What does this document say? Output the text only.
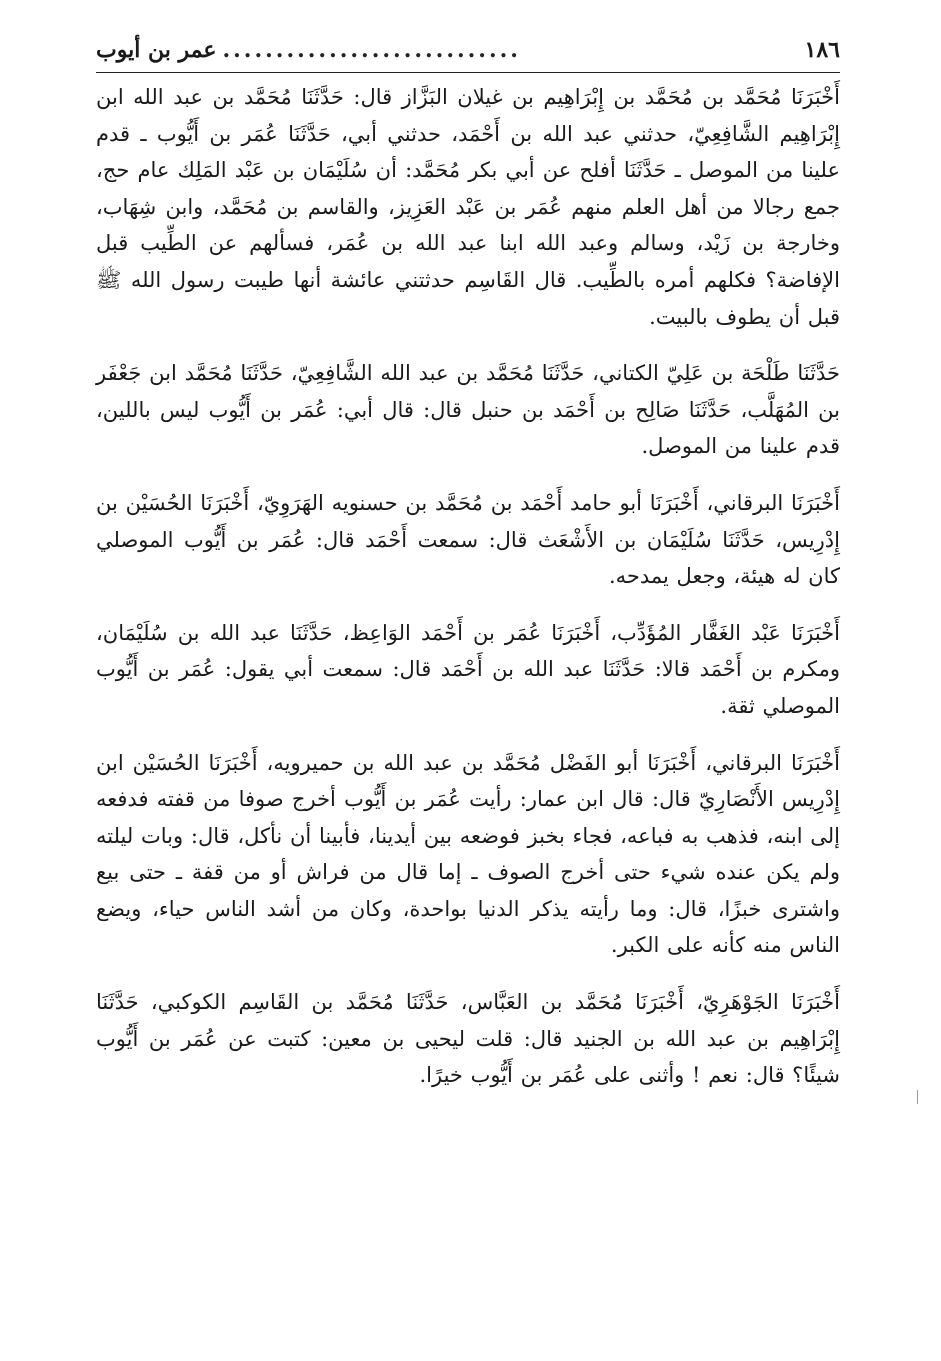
١٨٦
............................
عمر بن أيوب

أَخْبَرَنَا مُحَمَّد بن مُحَمَّد بن إِبْرَاهِيم بن غيلان البَزَّاز قال: حَدَّثَنَا مُحَمَّد بن عبد الله ابن إِبْرَاهِيم الشَّافِعِيّ، حدثني عبد الله بن أَحْمَد، حدثني أبي، حَدَّثَنَا عُمَر بن أَيُّوب ـ قدم علينا من الموصل ـ حَدَّثَنَا أفلح عن أبي بكر مُحَمَّد: أن سُلَيْمَان بن عَبْد المَلِك عام حج، جمع رجالا من أهل العلم منهم عُمَر بن عَبْد العَزِيز، والقاسم بن مُحَمَّد، وابن شِهَاب، وخارجة بن زَيْد، وسالم وعبد الله ابنا عبد الله بن عُمَر، فسألهم عن الطِّيب قبل الإفاضة؟ فكلهم أمره بالطِّيب. قال القَاسِم حدثتني عائشة أنها طيبت رسول الله ﷺ قبل أن يطوف بالبيت.

حَدَّثَنَا طَلْحَة بن عَلِيّ الكتاني، حَدَّثَنَا مُحَمَّد بن عبد الله الشَّافِعِيّ، حَدَّثَنَا مُحَمَّد ابن جَعْفَر بن المُهَلَّب، حَدَّثَنَا صَالِح بن أَحْمَد بن حنبل قال: قال أبي: عُمَر بن أَيُّوب ليس باللين، قدم علينا من الموصل.

أَخْبَرَنَا البرقاني، أَخْبَرَنَا أبو حامد أَحْمَد بن مُحَمَّد بن حسنويه الهَرَوِيّ، أَخْبَرَنَا الحُسَيْن بن إِدْرِيس، حَدَّثَنَا سُلَيْمَان بن الأَشْعَث قال: سمعت أَحْمَد قال: عُمَر بن أَيُّوب الموصلي كان له هيئة، وجعل يمدحه.

أَخْبَرَنَا عَبْد الغَفَّار المُؤَدِّب، أَخْبَرَنَا عُمَر بن أَحْمَد الوَاعِظ، حَدَّثَنَا عبد الله بن سُلَيْمَان، ومكرم بن أَحْمَد قالا: حَدَّثَنَا عبد الله بن أَحْمَد قال: سمعت أبي يقول: عُمَر بن أَيُّوب الموصلي ثقة.

أَخْبَرَنَا البرقاني، أَخْبَرَنَا أبو الفَضْل مُحَمَّد بن عبد الله بن حميرويه، أَخْبَرَنَا الحُسَيْن ابن إِدْرِيس الأَنْصَارِيّ قال: قال ابن عمار: رأيت عُمَر بن أَيُّوب أخرج صوفا من قفته فدفعه إلى ابنه، فذهب به فباعه، فجاء بخبز فوضعه بين أيدينا، فأبينا أن نأكل، قال: وبات ليلته ولم يكن عنده شيء حتى أخرج الصوف ـ إما قال من فراش أو من قفة ـ حتى بيع واشترى خبزًا، قال: وما رأيته يذكر الدنيا بواحدة، وكان من أشد الناس حياء، ويضع الناس منه كأنه على الكبر.

أَخْبَرَنَا الجَوْهَرِيّ، أَخْبَرَنَا مُحَمَّد بن العَبَّاس، حَدَّثَنَا مُحَمَّد بن القَاسِم الكوكبي، حَدَّثَنَا إِبْرَاهِيم بن عبد الله بن الجنيد قال: قلت ليحيى بن معين: كتبت عن عُمَر بن أَيُّوب شيئًا؟ قال: نعم ! وأثنى على عُمَر بن أَيُّوب خيرًا.
